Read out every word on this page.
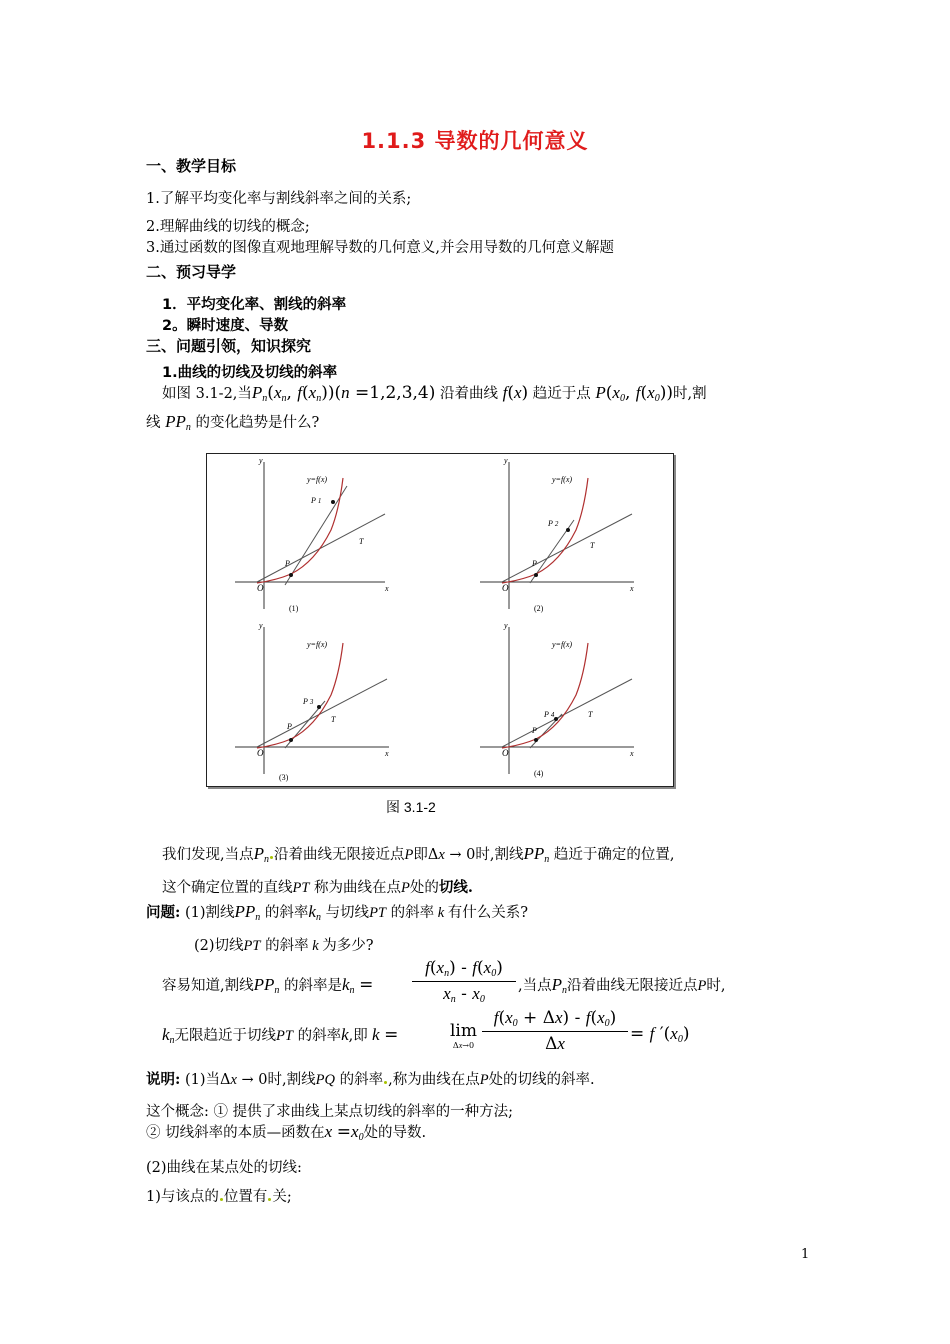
1.1.3 导数的几何意义
一、教学目标
1.了解平均变化率与割线斜率之间的关系;
2.理解曲线的切线的概念;
3.通过函数的图像直观地理解导数的几何意义,并会用导数的几何意义解题
二、预习导学
1．平均变化率、割线的斜率
2。瞬时速度、导数
三、问题引领，知识探究
1.曲线的切线及切线的斜率
如图 3.1-2,当$P_n(x_n$, $f(x_n))(n =1,2,3,4)$ 沿着曲线 f(x) 趋近于点 $P(x_0$, $f(x_0)$)时,割
线 $PP_n$ 的变化趋势是什么?
y
x
O
y=f(x)
P 1
P
T
(1)
y
x
O
y=f(x)
P 2
P
T
(2)
y
x
O
y=f(x)
P 3
P
T
(3)
y
x
O
y=f(x)
P 4
P
T
(4)
图 3.1-2
我们发现,当点$P_n$ 沿着曲线无限接近点P即Δx → 0时,割线$PP_n$ 趋近于确定的位置,
这个确定位置的直线PT 称为曲线在点P处的切线.
问题: (1)割线$PP_n$ 的斜率$k_n$ 与切线PT 的斜率 k 有什么关系?
(2)切线PT 的斜率 k 为多少?
容易知道,割线$PP_n$ 的斜率是$k_n$ =
$f(x_n) - f(x_0)$
$x_n - x_0$
,当点$P_n$沿着曲线无限接近点P时,
$k_n$无限趋近于切线PT 的斜率k,即 k =	lim
Δx→0
$f(x_0 + \Delta x) - f(x_0)$
Δx	= f $'(x_0)$
说明: (1)当Δx → 0时,割线PQ 的斜率 ,称为曲线在点P处的切线的斜率.
这个概念: ① 提供了求曲线上某点切线的斜率的一种方法;
② 切线斜率的本质—函数在$x =x_0$处的导数.
(2)曲线在某点处的切线:
1)与该点的 位置有 关;
1
